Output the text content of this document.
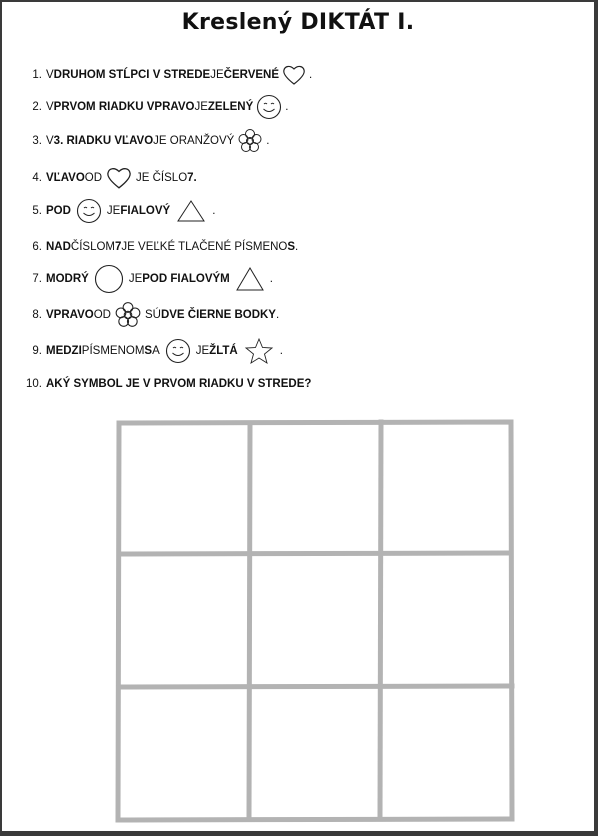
Kreslený DIKTÁT I.
1. V DRUHOM STĹPCI V STREDE JE ČERVENÉ	.
2. V PRVOM RIADKU VPRAVO JE ZELENÝ	.
3. V 3. RIADKU VĽAVO JE ORANŽOVÝ	.
4. VĽAVO OD	JE ČÍSLO 7.
5. POD	JE FIALOVÝ	.
6. NAD ČÍSLOM 7 JE VEĽKÉ TLAČENÉ PÍSMENO S .
7. MODRÝ	JE POD FIALOVÝM	.
8. VPRAVO OD	SÚ DVE ČIERNE BODKY .
9. MEDZI PÍSMENOM S A	JE ŽLTÁ	.
10. AKÝ SYMBOL JE V PRVOM RIADKU V STREDE?
